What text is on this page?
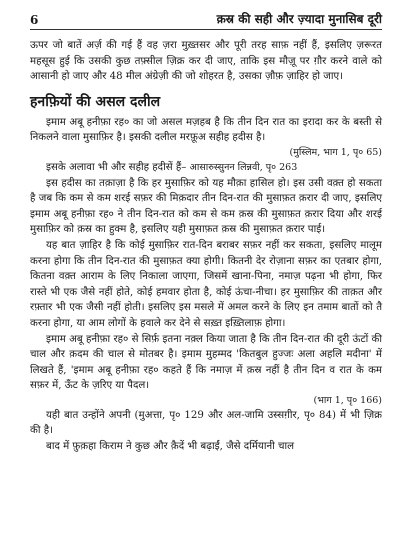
6	क़स्र की सही और ज़्यादा मुनासिब दूरी

ऊपर जो बातें अर्ज़ की गई हैं वह ज़रा मुख़्तसर और पूरी तरह साफ़ नहीं हैं, इसलिए ज़रूरत महसूस हुई कि उसकी कुछ तफ़्सील ज़िक्र कर दी जाए, ताकि इस मौज़ू पर ग़ौर करने वाले को आसानी हो जाए और 48 मील अंग्रेज़ी की जो शोहरत है, उसका ज़ौफ़ ज़ाहिर हो जाए।

हनफ़ियों की असल दलील

इमाम अबू हनीफ़ा रह० का जो असल मज़हब है कि तीन दिन रात का इरादा कर के बस्ती से निकलने वाला मुसाफ़िर है। इसकी दलील मरफ़ूअ सहीह हदीस है।

(मुस्लिम, भाग 1, पृ० 65)

इसके अलावा भी और सहीह हदीसें हैं– आसारुस्सुनन लिन्नवी, पृ० 263

इस हदीस का तक़ाज़ा है कि हर मुसाफ़िर को यह मौक़ा हासिल हो। इस उसी वक़्त हो सकता है जब कि कम से कम शरई सफ़र की मिक़दार तीन दिन-रात की मुसाफ़त क़रार दी जाए, इसलिए इमाम अबू हनीफ़ा रह० ने तीन दिन-रात को कम से कम क़स्र की मुसाफ़त क़रार दिया और शरई मुसाफ़िर को क़स्र का हुक्म है, इसलिए यही मुसाफ़त क़स्र की मुसाफ़त क़रार पाई।

यह बात ज़ाहिर है कि कोई मुसाफ़िर रात-दिन बराबर सफ़र नहीं कर सकता, इसलिए मालूम करना होगा कि तीन दिन-रात की मुसाफ़त क्या होगी। कितनी देर रोज़ाना सफ़र का एतबार होगा, कितना वक़्त आराम के लिए निकाला जाएगा, जिसमें खाना-पिना, नमाज़ पढ़ना भी होगा, फिर रास्ते भी एक जैसे नहीं होते, कोई हमवार होता है, कोई ऊंचा-नीचा। हर मुसाफ़िर की ताक़त और रफ़्तार भी एक जैसी नहीं होती। इसलिए इस मसले में अमल करने के लिए इन तमाम बातों को तै करना होगा, या आम लोगों के हवाले कर देने से सख़्त इख़्तिलाफ़ होगा।

इमाम अबू हनीफ़ा रह० से सिर्फ़ इतना नक़्ल किया जाता है कि तीन दिन-रात की दूरी ऊंटों की चाल और क़दम की चाल से मोतबर है। इमाम मुहम्मद 'कितबुल हुज्जः अला अहलि मदीना' में लिखते हैं, 'इमाम अबू हनीफ़ा रह० कहते हैं कि नमाज़ में क़स्र नहीं है तीन दिन व रात के कम सफ़र में, ऊँट के ज़रिए या पैदल।

(भाग 1, पृ० 166)

यही बात उन्होंने अपनी (मुअत्ता, पृ० 129 और अल-जामि उस्सग़ीर, पृ० 84) में भी ज़िक्र की है।

बाद में फ़ुक़हा किराम ने कुछ और क़ैदें भी बढ़ाईं, जैसे दर्मियानी चाल
